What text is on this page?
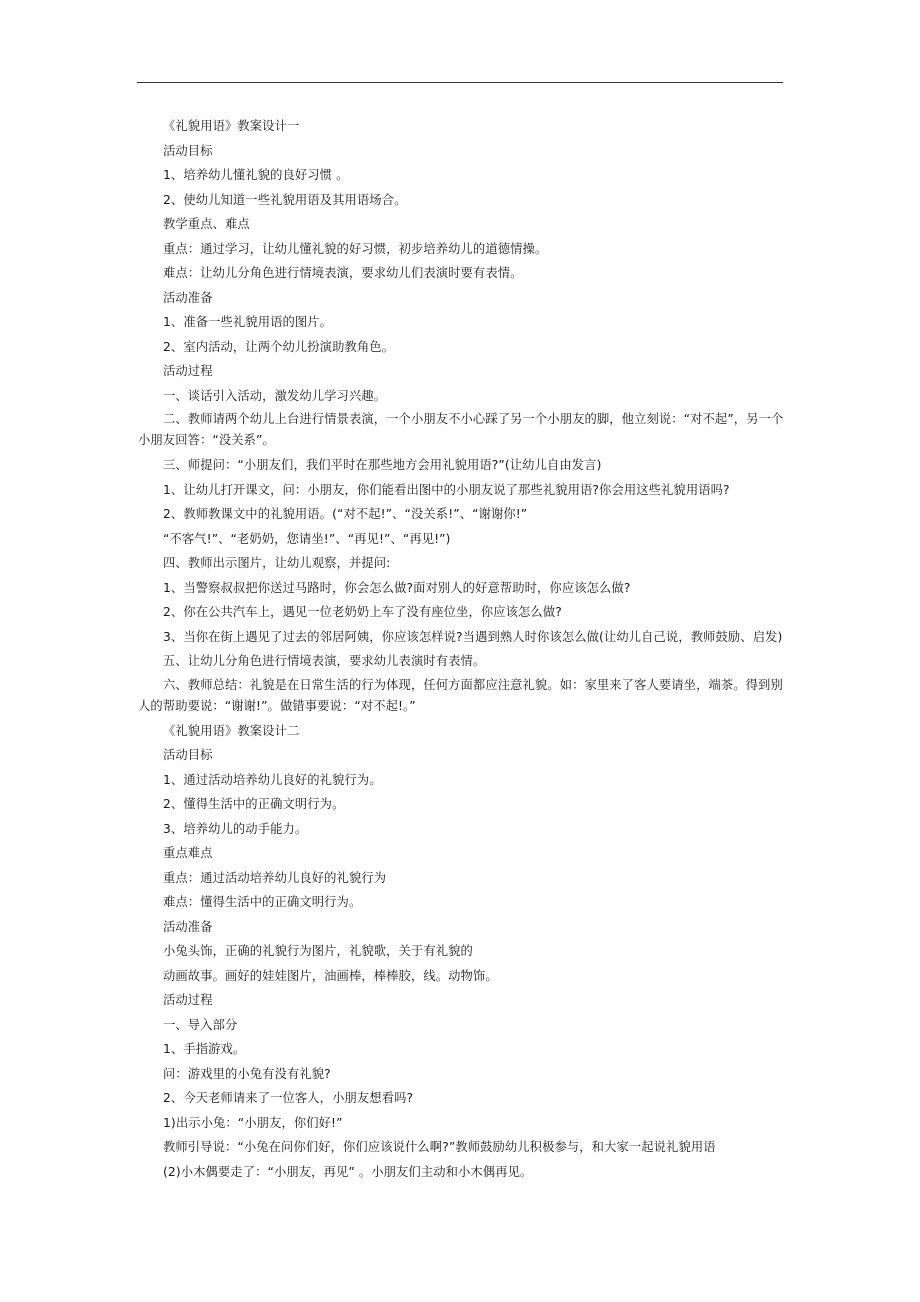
《礼貌用语》教案设计一
活动目标
1、培养幼儿懂礼貌的良好习惯 。
2、使幼儿知道一些礼貌用语及其用语场合。
教学重点、难点
重点：通过学习，让幼儿懂礼貌的好习惯，初步培养幼儿的道德情操。
难点：让幼儿分角色进行情境表演，要求幼儿们表演时要有表情。
活动准备
1、准备一些礼貌用语的图片。
2、室内活动，让两个幼儿扮演助教角色。
活动过程
一、谈话引入活动，激发幼儿学习兴趣。
二、教师请两个幼儿上台进行情景表演，一个小朋友不小心踩了另一个小朋友的脚，他立刻说：“对不起”，另一个小朋友回答：“没关系”。
三、师提问：“小朋友们，我们平时在那些地方会用礼貌用语?”(让幼儿自由发言)
1、让幼儿打开课文，问：小朋友，你们能看出图中的小朋友说了那些礼貌用语?你会用这些礼貌用语吗?
2、教师教课文中的礼貌用语。(“对不起!”、“没关系!”、“谢谢你!”
“不客气!”、“老奶奶，您请坐!”、“再见!”、“再见!”)
四、教师出示图片，让幼儿观察，并提问:
1、当警察叔叔把你送过马路时，你会怎么做?面对别人的好意帮助时，你应该怎么做?
2、你在公共汽车上，遇见一位老奶奶上车了没有座位坐，你应该怎么做?
3、当你在街上遇见了过去的邻居阿姨，你应该怎样说?当遇到熟人时你该怎么做(让幼儿自己说，教师鼓励、启发)
五、让幼儿分角色进行情境表演，要求幼儿表演时有表情。
六、教师总结：礼貌是在日常生活的行为体现，任何方面都应注意礼貌。如：家里来了客人要请坐，端茶。得到别人的帮助要说：“谢谢!”。做错事要说：“对不起!。”
《礼貌用语》教案设计二
活动目标
1、通过活动培养幼儿良好的礼貌行为。
2、懂得生活中的正确文明行为。
3、培养幼儿的动手能力。
重点难点
重点：通过活动培养幼儿良好的礼貌行为
难点：懂得生活中的正确文明行为。
活动准备
小兔头饰，正确的礼貌行为图片，礼貌歌，关于有礼貌的
动画故事。画好的娃娃图片，油画棒，棒棒胶，线。动物饰。
活动过程
一、导入部分
1、手指游戏。
问：游戏里的小兔有没有礼貌?
2、今天老师请来了一位客人，小朋友想看吗?
1)出示小兔：“小朋友，你们好!”
教师引导说：“小兔在问你们好，你们应该说什么啊?”教师鼓励幼儿积极参与，和大家一起说礼貌用语
(2)小木偶要走了：“小朋友，再见” 。小朋友们主动和小木偶再见。
